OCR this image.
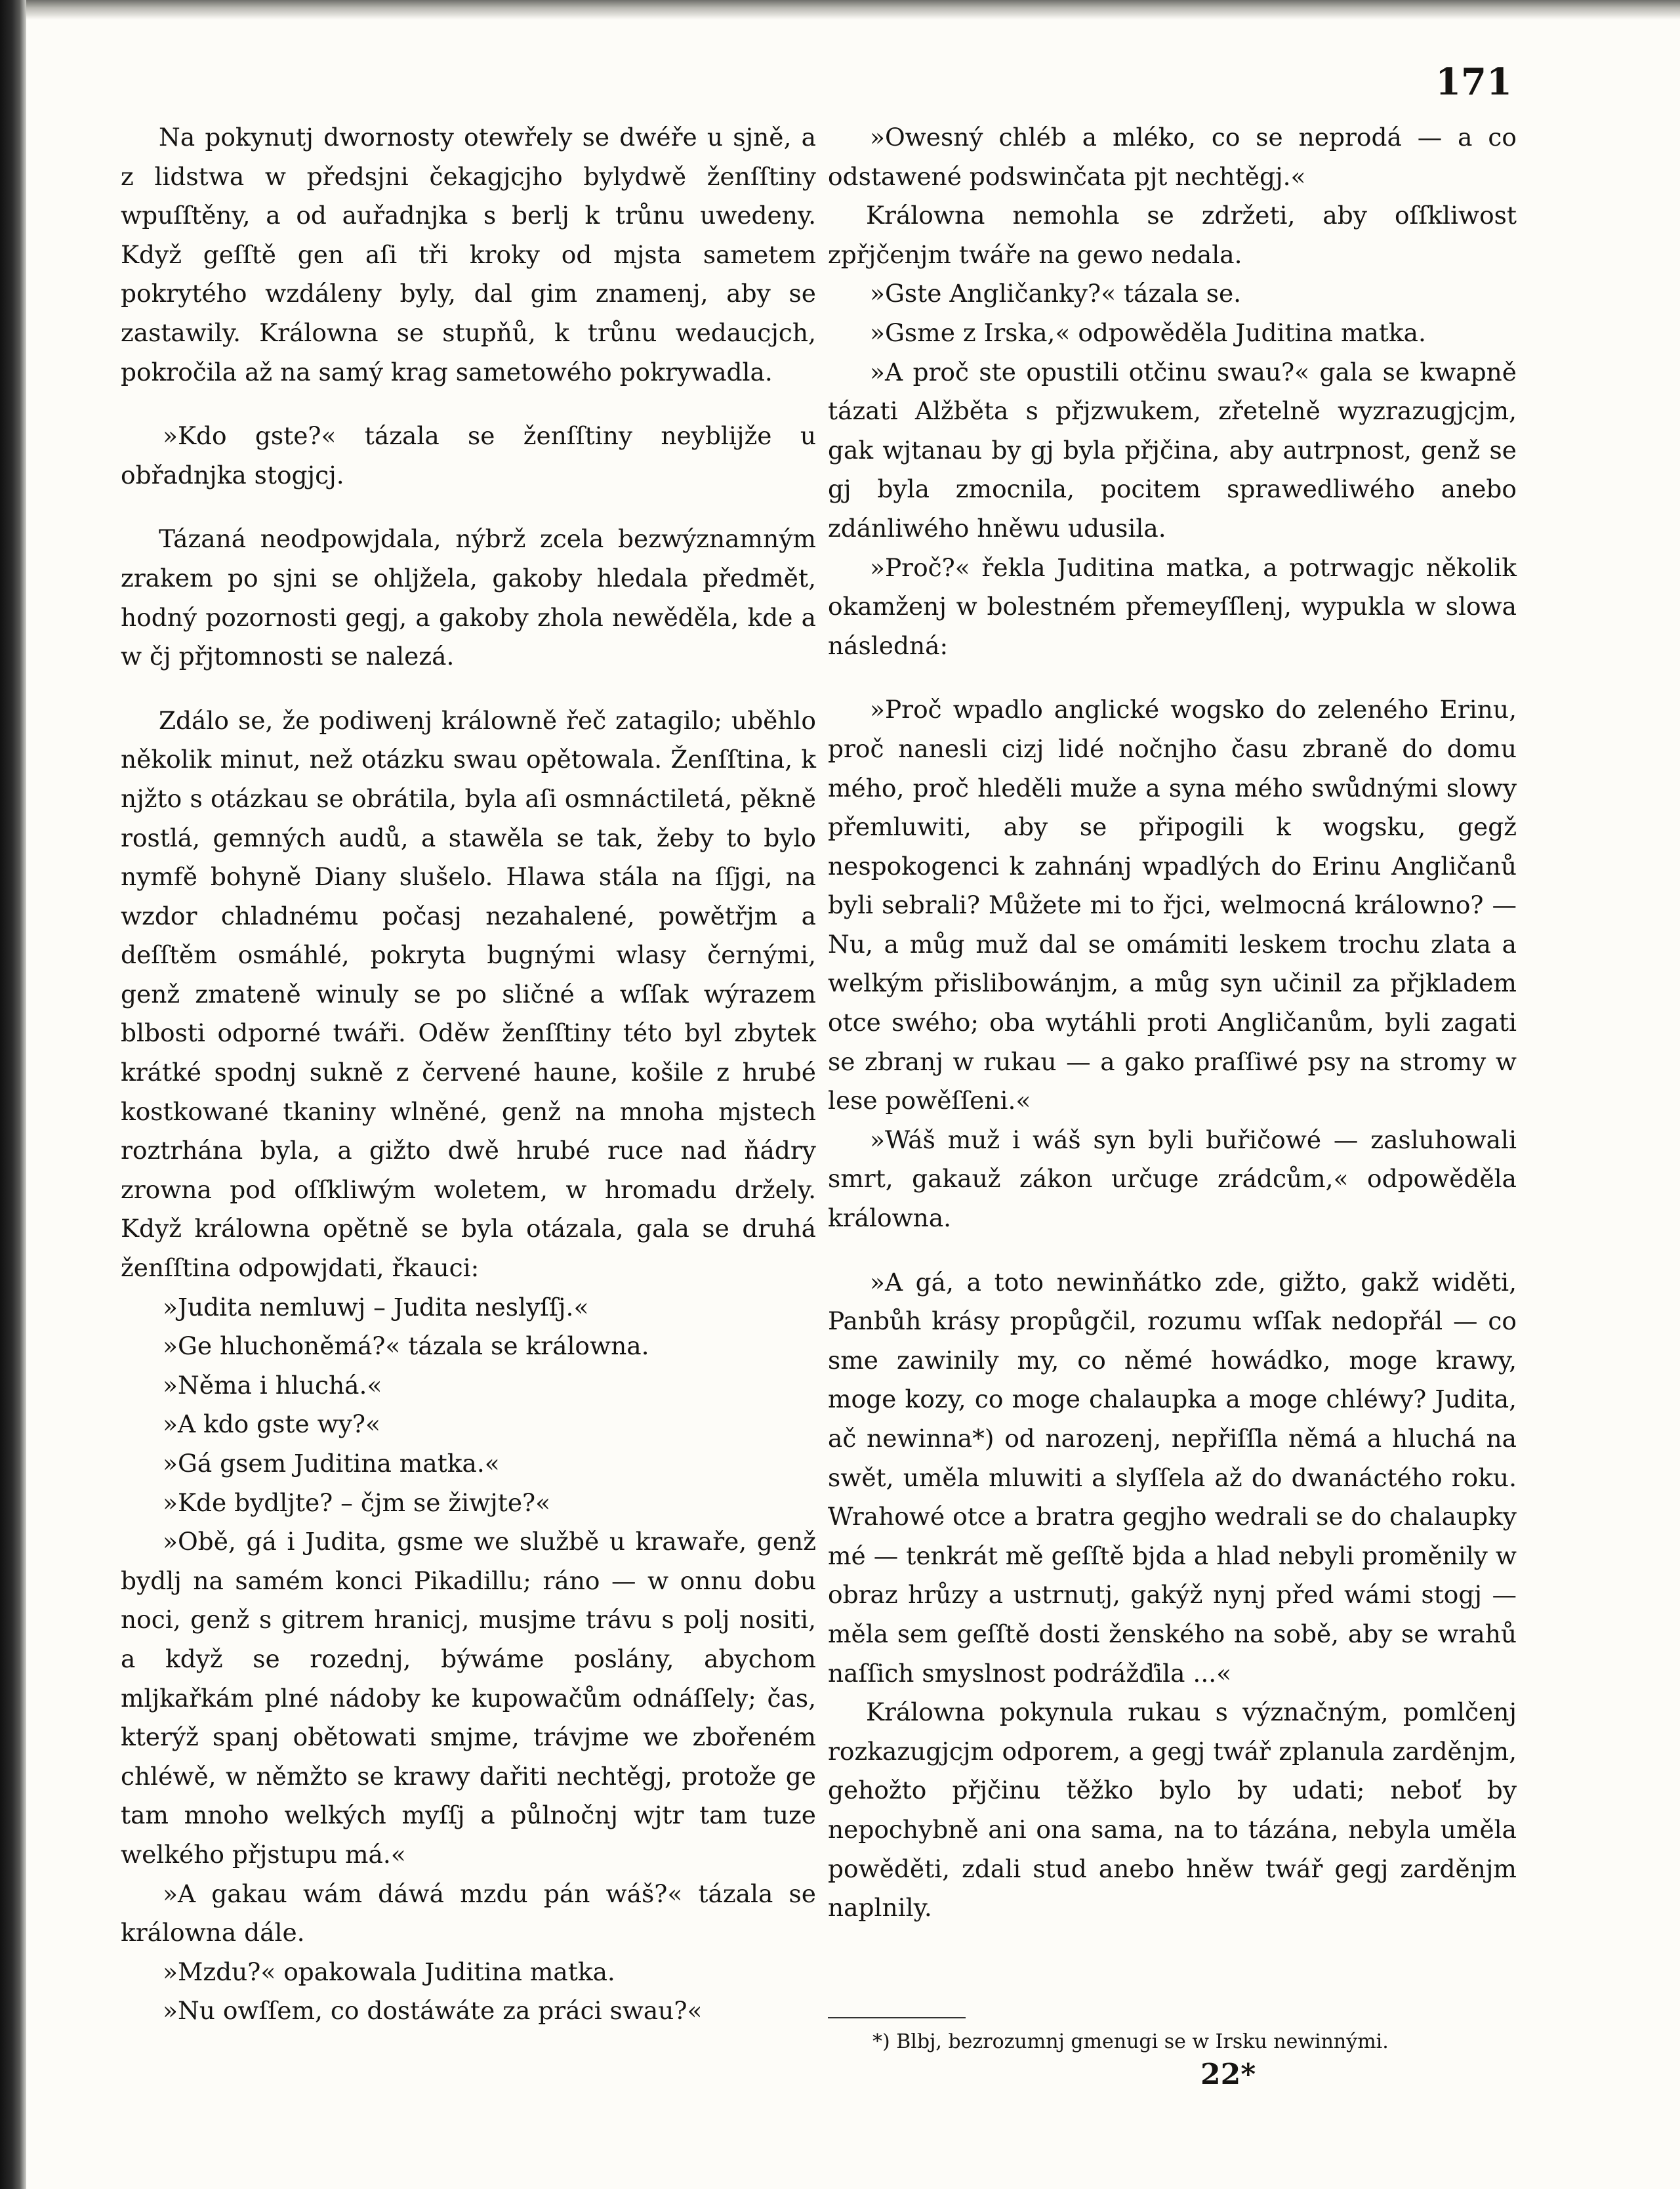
171

Na pokynutj dwornosty otewřely se dwéře u sjně, a z lidstwa w předsjni čekagjcjho bylydwě ženſſtiny wpuſſtěny, a od auřadnjka s berlj k trůnu uwedeny. Když geſſtě gen aſi tři kroky od mjsta sametem pokrytého wzdáleny byly, dal gim znamenj, aby se zastawily. Králowna se stupňů, k trůnu wedaucjch, pokročila až na samý krag sametowého pokrywadla.

»Kdo gste?« tázala se ženſſtiny neyblijže u obřadnjka stogjcj.

Tázaná neodpowjdala, nýbrž zcela bezwýznamným zrakem po sjni se ohljžela, gakoby hledala předmět, hodný pozornosti gegj, a gakoby zhola newěděla, kde a w čj přjtomnosti se nalezá.

Zdálo se, že podiwenj králowně řeč zatagilo; uběhlo několik minut, než otázku swau opětowala. Ženſſtina, k njžto s otázkau se obrátila, byla aſi osmnáctiletá, pěkně rostlá, gemných audů, a stawěla se tak, žeby to bylo nymfě bohyně Diany slušelo. Hlawa stála na ſſjgi, na wzdor chladnému počasj nezahalené, powětřjm a deſſtěm osmáhlé, pokryta bugnými wlasy černými, genž zmateně winuly se po sličné a wſſak wýrazem blbosti odporné twáři. Oděw ženſſtiny této byl zbytek krátké spodnj sukně z červené haune, košile z hrubé kostkowané tkaniny wlněné, genž na mnoha mjstech roztrhána byla, a gižto dwě hrubé ruce nad ňádry zrowna pod oſſkliwým woletem, w hromadu držely. Když králowna opětně se byla otázala, gala se druhá ženſſtina odpowjdati, řkauci:

»Judita nemluwj – Judita neslyſſj.«

»Ge hluchoněmá?« tázala se králowna.

»Něma i hluchá.«

»A kdo gste wy?«

»Gá gsem Juditina matka.«

»Kde bydljte? – čjm se žiwjte?«

»Obě, gá i Judita, gsme we službě u krawaře, genž bydlj na samém konci Pikadillu; ráno — w onnu dobu noci, genž s gitrem hranicj, musjme trávu s polj nositi, a když se rozednj, býwáme poslány, abychom mljkařkám plné nádoby ke kupowačům odnáſſely; čas, kterýž spanj obětowati smjme, trávjme we zbořeném chléwě, w němžto se krawy dařiti nechtěgj, protože ge tam mnoho welkých myſſj a půlnočnj wjtr tam tuze welkého přjstupu má.«

»A gakau wám dáwá mzdu pán wáš?« tázala se králowna dále.

»Mzdu?« opakowala Juditina matka.

»Nu owſſem, co dostáwáte za práci swau?«

»Owesný chléb a mléko, co se neprodá — a co odstawené podswinčata pjt nechtěgj.«

Králowna nemohla se zdržeti, aby oſſkliwost zpřjčenjm twáře na gewo nedala.

»Gste Angličanky?« tázala se.

»Gsme z Irska,« odpowěděla Juditina matka.

»A proč ste opustili otčinu swau?« gala se kwapně tázati Alžběta s přjzwukem, zřetelně wyzrazugjcjm, gak wjtanau by gj byla přjčina, aby autrpnost, genž se gj byla zmocnila, pocitem sprawedliwého anebo zdánliwého hněwu udusila.

»Proč?« řekla Juditina matka, a potrwagjc několik okamženj w bolestném přemeyſſlenj, wypukla w slowa následná:

»Proč wpadlo anglické wogsko do zeleného Erinu, proč nanesli cizj lidé nočnjho času zbraně do domu mého, proč hleděli muže a syna mého swůdnými slowy přemluwiti, aby se připogili k wogsku, gegž nespokogenci k zahnánj wpadlých do Erinu Angličanů byli sebrali? Můžete mi to řjci, welmocná králowno? — Nu, a můg muž dal se omámiti leskem trochu zlata a welkým přislibowánjm, a můg syn učinil za přjkladem otce swého; oba wytáhli proti Angličanům, byli zagati se zbranj w rukau — a gako praſſiwé psy na stromy w lese powěſſeni.«

»Wáš muž i wáš syn byli buřičowé — zasluhowali smrt, gakauž zákon určuge zrádcům,« odpowěděla králowna.

»A gá, a toto newinňátko zde, gižto, gakž widěti, Panbůh krásy propůgčil, rozumu wſſak nedopřál — co sme zawinily my, co němé howádko, moge krawy, moge kozy, co moge chalaupka a moge chléwy? Judita, ač newinna*) od narozenj, nepřiſſla němá a hluchá na swět, uměla mluwiti a slyſſela až do dwanáctého roku. Wrahowé otce a bratra gegjho wedrali se do chalaupky mé — tenkrát mě geſſtě bjda a hlad nebyli proměnily w obraz hrůzy a ustrnutj, gakýž nynj před wámi stogj — měla sem geſſtě dosti ženského na sobě, aby se wrahů naſſich smyslnost podrážďila ...«

Králowna pokynula rukau s význačným, pomlčenj rozkazugjcjm odporem, a gegj twář zplanula zarděnjm, gehožto přjčinu těžko bylo by udati; neboť by nepochybně ani ona sama, na to tázána, nebyla uměla powěděti, zdali stud anebo hněw twář gegj zarděnjm naplnily.

*) Blbj, bezrozumnj gmenugi se w Irsku newinnými.
22*
